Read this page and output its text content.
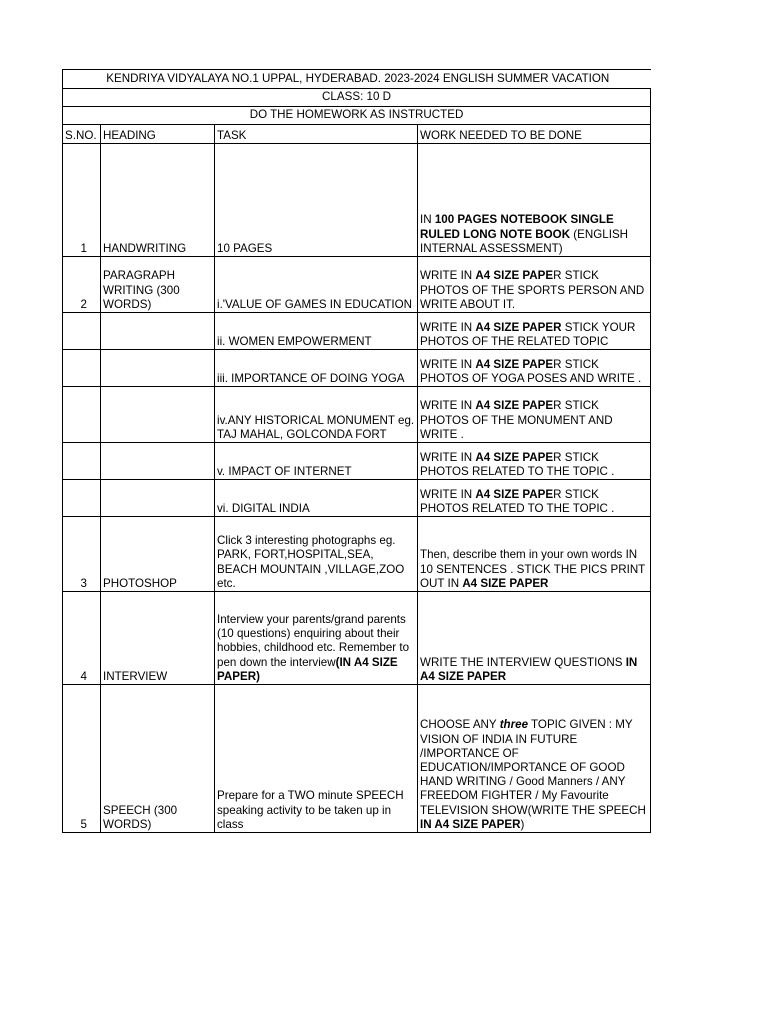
KENDRIYA VIDYALAYA NO.1 UPPAL, HYDERABAD. 2023-2024 ENGLISH SUMMER VACATION			
CLASS: 10 D			
DO THE HOMEWORK AS INSTRUCTED			
S.NO.	HEADING	TASK	WORK NEEDED TO BE DONE
1	HANDWRITING	10 PAGES	IN 100 PAGES NOTEBOOK SINGLE RULED LONG NOTE BOOK (ENGLISH INTERNAL ASSESSMENT)
2	PARAGRAPH WRITING (300 WORDS)	i.'VALUE OF GAMES IN EDUCATION	WRITE IN A4 SIZE PAPER STICK PHOTOS OF THE SPORTS PERSON AND WRITE ABOUT IT.
		ii. WOMEN EMPOWERMENT	WRITE IN A4 SIZE PAPER STICK YOUR PHOTOS OF THE RELATED TOPIC
		iii. IMPORTANCE OF DOING YOGA	WRITE IN A4 SIZE PAPER STICK PHOTOS OF YOGA POSES AND WRITE .
		iv.ANY HISTORICAL MONUMENT eg. TAJ MAHAL, GOLCONDA FORT	WRITE IN A4 SIZE PAPER STICK PHOTOS OF THE MONUMENT AND WRITE .
		v. IMPACT OF INTERNET	WRITE IN A4 SIZE PAPER STICK PHOTOS RELATED TO THE TOPIC .
		vi. DIGITAL INDIA	WRITE IN A4 SIZE PAPER STICK PHOTOS RELATED TO THE TOPIC .
3	PHOTOSHOP	Click 3 interesting photographs eg. PARK, FORT,HOSPITAL,SEA, BEACH MOUNTAIN ,VILLAGE,ZOO etc.	Then, describe them in your own words IN 10 SENTENCES . STICK THE PICS PRINT OUT IN A4 SIZE PAPER
4	INTERVIEW	Interview your parents/grand parents (10 questions) enquiring about their hobbies, childhood etc. Remember to pen down the interview(IN A4 SIZE PAPER)	WRITE THE INTERVIEW QUESTIONS IN A4 SIZE PAPER
5	SPEECH (300 WORDS)	Prepare for a TWO minute SPEECH speaking activity to be taken up in class	CHOOSE ANY three TOPIC GIVEN : MY VISION OF INDIA IN FUTURE /IMPORTANCE OF EDUCATION/IMPORTANCE OF GOOD HAND WRITING / Good Manners / ANY FREEDOM FIGHTER / My Favourite TELEVISION SHOW(WRITE THE SPEECH IN A4 SIZE PAPER)
